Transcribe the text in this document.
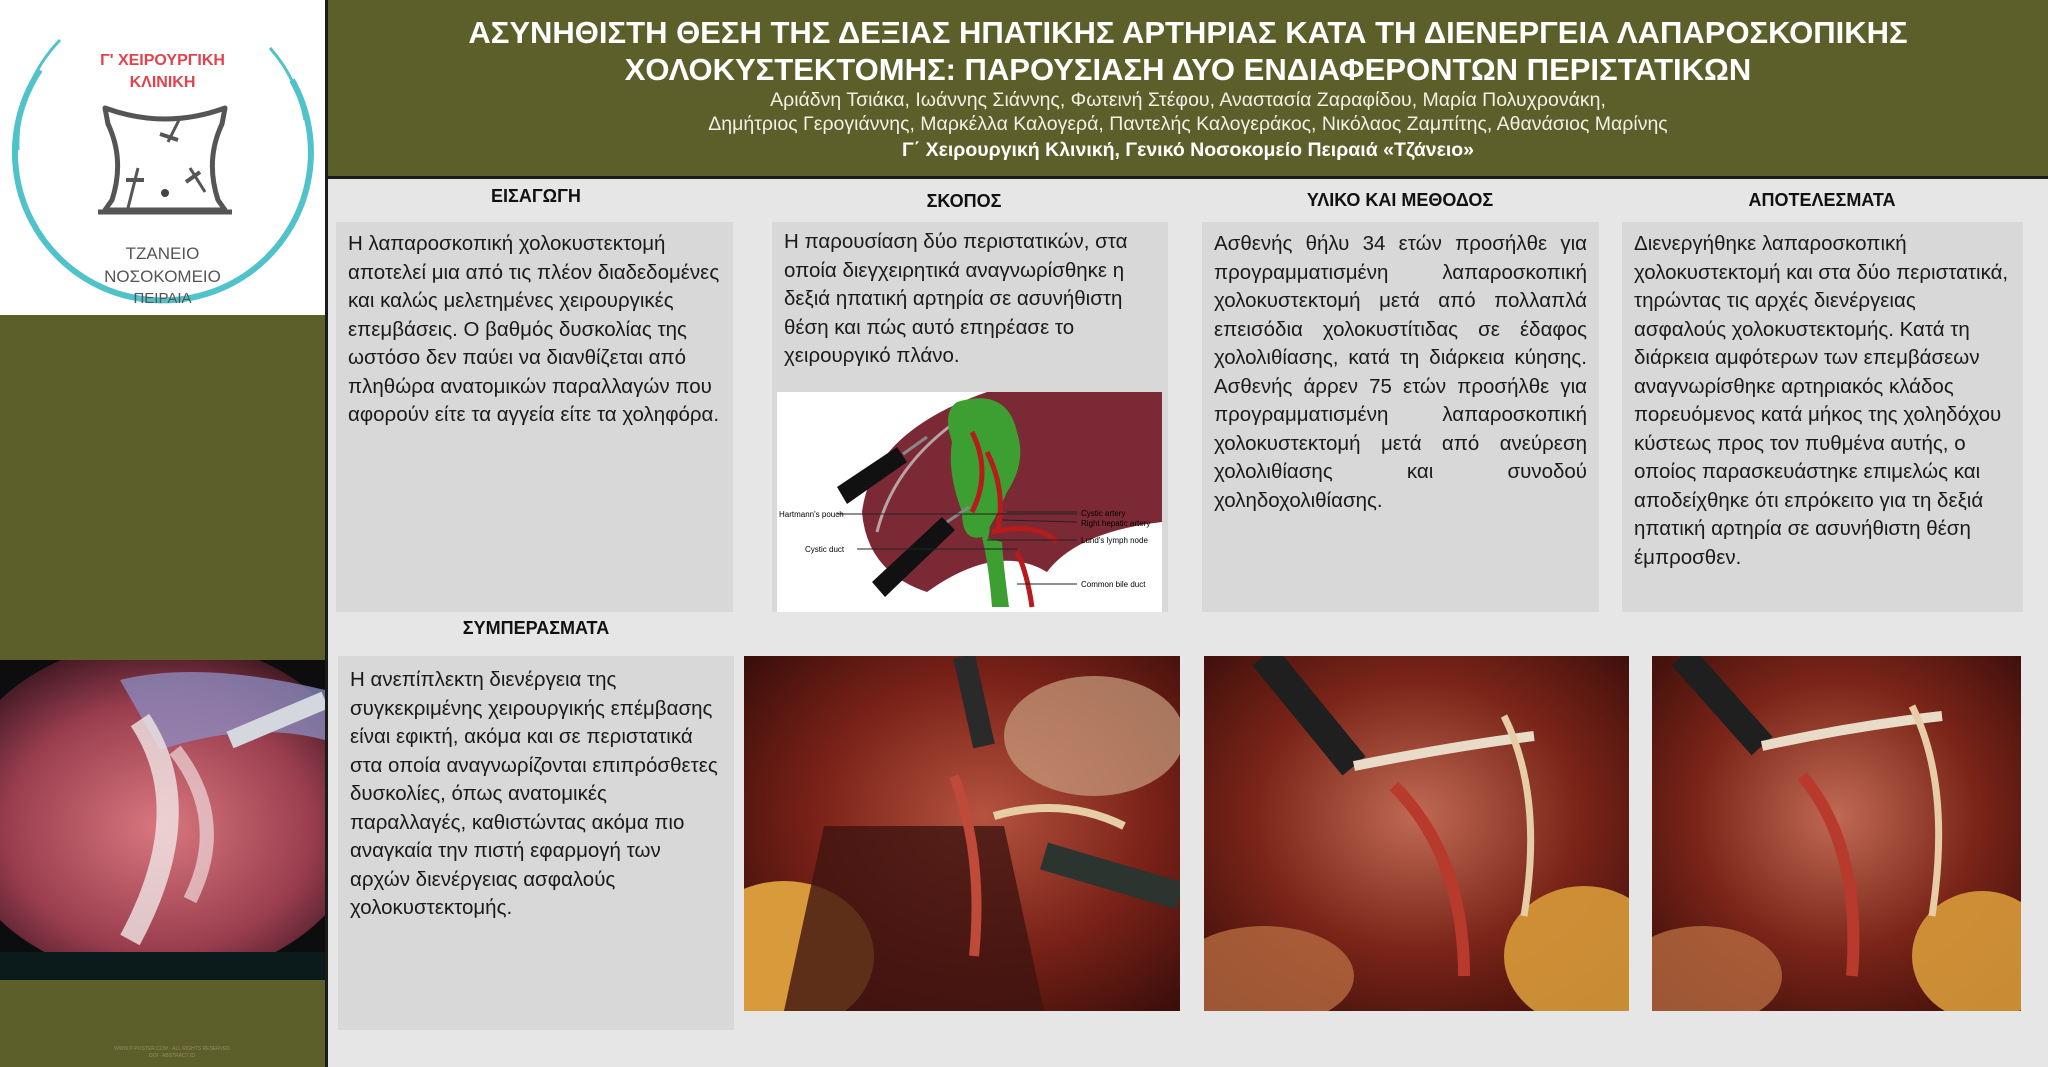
Γ' ΧΕΙΡΟΥΡΓΙΚΗ
ΚΛΙΝΙΚΗ
ΤΖΑΝΕΙΟ
ΝΟΣΟΚΟΜΕΙΟ
ΠΕΙΡΑΙΑ
ΑΣΥΝΗΘΙΣΤΗ ΘΕΣΗ ΤΗΣ ΔΕΞΙΑΣ ΗΠΑΤΙΚΗΣ ΑΡΤΗΡΙΑΣ ΚΑΤΑ ΤΗ ΔΙΕΝΕΡΓΕΙΑ ΛΑΠΑΡΟΣΚΟΠΙΚΗΣ
ΧΟΛΟΚΥΣΤΕΚΤΟΜΗΣ: ΠΑΡΟΥΣΙΑΣΗ ΔΥΟ ΕΝΔΙΑΦΕΡΟΝΤΩΝ ΠΕΡΙΣΤΑΤΙΚΩΝ
Αριάδνη Τσιάκα, Ιωάννης Σιάννης, Φωτεινή Στέφου, Αναστασία Ζαραφίδου, Μαρία Πολυχρονάκη,
Δημήτριος Γερογιάννης, Μαρκέλλα Καλογερά, Παντελής Καλογεράκος, Νικόλαος Ζαμπίτης, Αθανάσιος Μαρίνης
Γ΄ Χειρουργική Κλινική, Γενικό Νοσοκομείο Πειραιά «Τζάνειο»
ΕΙΣΑΓΩΓΗ	ΣΚΟΠΟΣ	ΥΛΙΚΟ ΚΑΙ ΜΕΘΟΔΟΣ	ΑΠΟΤΕΛΕΣΜΑΤΑ
ΣΥΜΠΕΡΑΣΜΑΤΑ
Η λαπαροσκοπική χολοκυστεκτομή αποτελεί μια από τις πλέον διαδεδομένες και καλώς μελετημένες χειρουργικές επεμβάσεις. Ο βαθμός δυσκολίας της ωστόσο δεν παύει να διανθίζεται από πληθώρα ανατομικών παραλλαγών που αφορούν είτε τα αγγεία είτε τα χοληφόρα.
Η παρουσίαση δύο περιστατικών, στα οποία διεγχειρητικά αναγνωρίσθηκε η δεξιά ηπατική αρτηρία σε ασυνήθιστη θέση και πώς αυτό επηρέασε το χειρουργικό πλάνο.
Hartmann's pouch
Cystic duct
Cystic artery
Right hepatic artery
Lund's lymph node
Common bile duct
Ασθενής θήλυ 34 ετών προσήλθε για προγραμματισμένη λαπαροσκοπική χολοκυστεκτομή μετά από πολλαπλά επεισόδια χολοκυστίτιδας σε έδαφος χολολιθίασης, κατά τη διάρκεια κύησης. Ασθενής άρρεν 75 ετών προσήλθε για προγραμματισμένη λαπαροσκοπική χολοκυστεκτομή μετά από ανεύρεση χολολιθίασης και συνοδού χοληδοχολιθίασης.
Διενεργήθηκε λαπαροσκοπική χολοκυστεκτομή και στα δύο περιστατικά, τηρώντας τις αρχές διενέργειας ασφαλούς χολοκυστεκτομής. Κατά τη διάρκεια αμφότερων των επεμβάσεων αναγνωρίσθηκε αρτηριακός κλάδος πορευόμενος κατά μήκος της χοληδόχου κύστεως προς τον πυθμένα αυτής, ο οποίος παρασκευάστηκε επιμελώς και αποδείχθηκε ότι επρόκειτο για τη δεξιά ηπατική αρτηρία σε ασυνήθιστη θέση έμπροσθεν.
Η ανεπίπλεκτη διενέργεια της συγκεκριμένης χειρουργικής επέμβασης είναι εφικτή, ακόμα και σε περιστατικά στα οποία αναγνωρίζονται επιπρόσθετες δυσκολίες, όπως ανατομικές παραλλαγές, καθιστώντας ακόμα πιο αναγκαία την πιστή εφαρμογή των αρχών διενέργειας ασφαλούς χολοκυστεκτομής.
WWW.P-POSTER.COM · ALL RIGHTS RESERVED
DOI · ABSTRACT ID
